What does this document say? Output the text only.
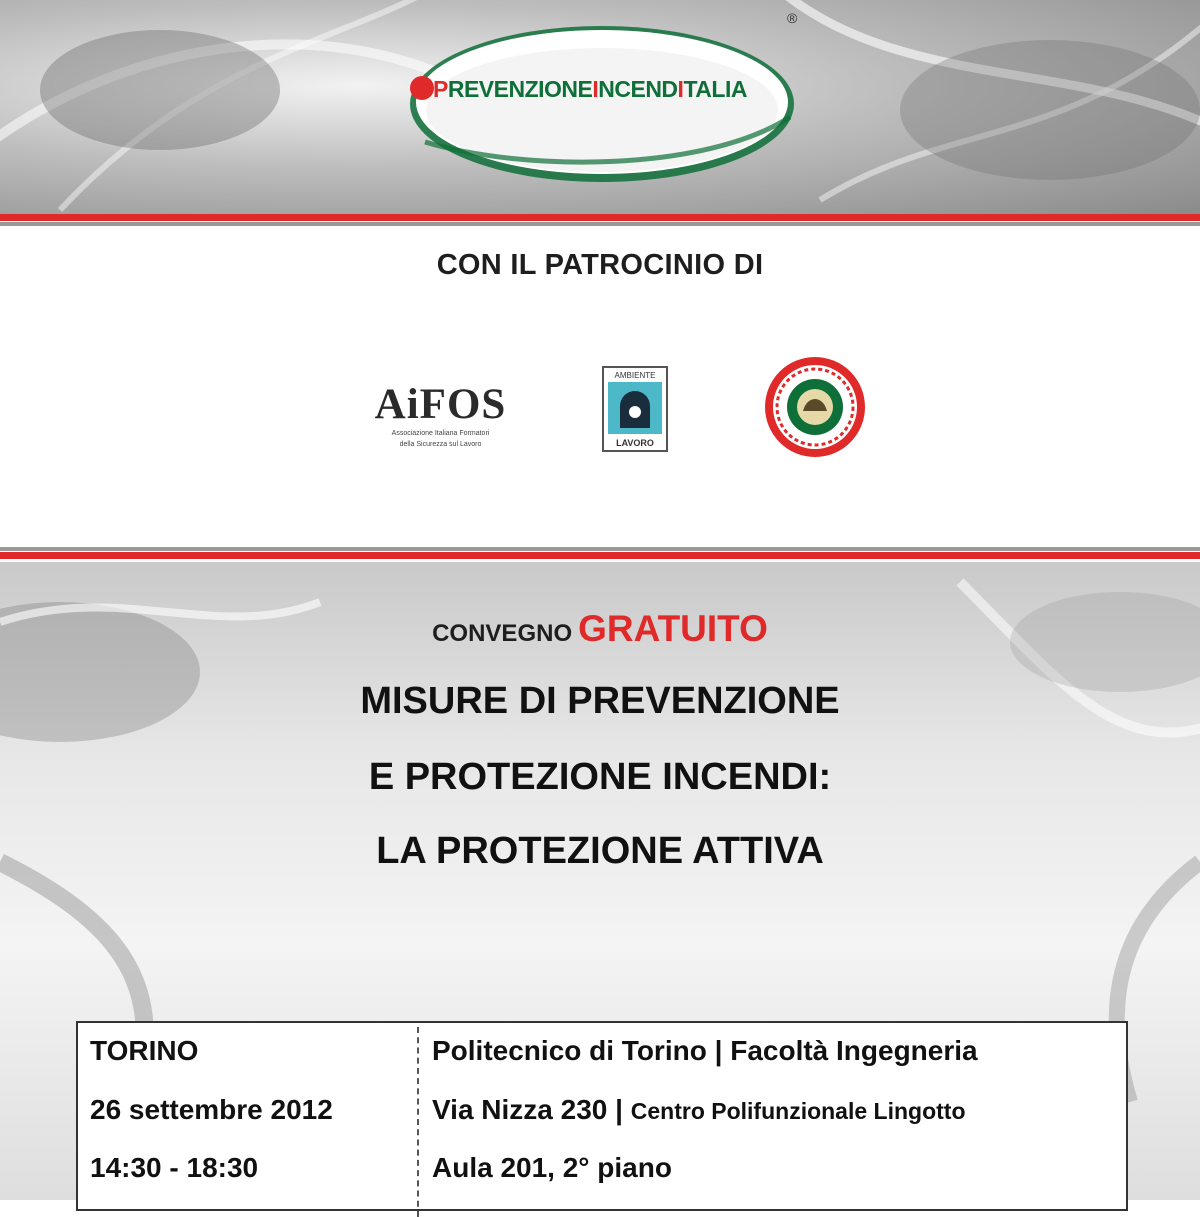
PREVENZIONEINCENDITALIA
®
CON IL PATROCINIO DI
AiFOS
Associazione Italiana Formatori
della Sicurezza sul Lavoro
AMBIENTE
LAVORO
CONVEGNO GRATUITO
MISURE DI PREVENZIONE
E PROTEZIONE INCENDI:
LA PROTEZIONE ATTIVA
TORINO
26 settembre 2012
14:30 - 18:30
Politecnico di Torino | Facoltà Ingegneria
Via Nizza 230 | Centro Polifunzionale Lingotto
Aula 201, 2° piano
